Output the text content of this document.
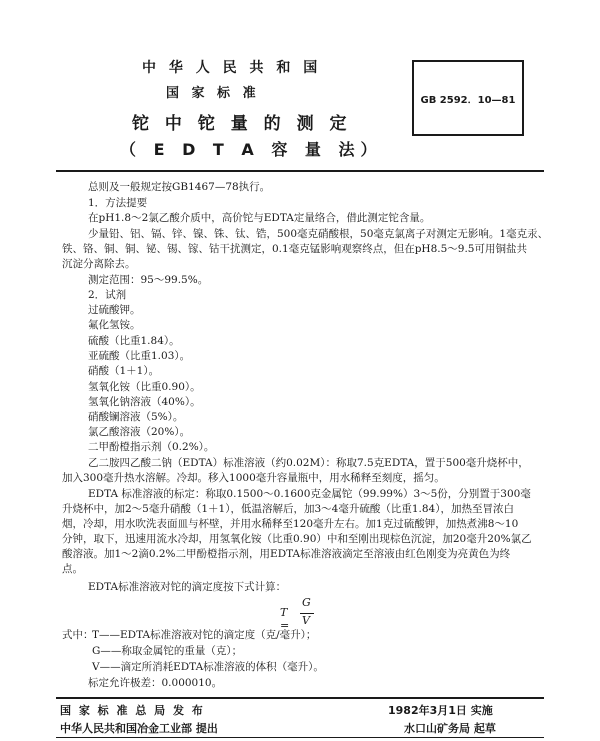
中 华 人 民 共 和 国
国 家 标 准
铊 中 铊 量 的 测 定
（ E D T A 容 量 法）
GB 2592．10—81
总则及一般规定按GB1467—78执行。
1．方法提要
在pH1.8～2氯乙酸介质中，高价铊与EDTA定量络合，借此测定铊含量。
少量铅、铝、镉、锌、镍、铢、钛、锆，500毫克硝酸根，50毫克氯离子对测定无影响。1毫克汞、
铁、铬、铜、铜、铋、锡、镓、钴干扰测定，0.1毫克锰影响观察终点，但在pH8.5～9.5可用铜盐共
沉淀分离除去。
测定范围：95～99.5%。
2．试剂
过硫酸钾。
氟化氢铵。
硫酸（比重1.84）。
亚硫酸（比重1.03）。
硝酸（1＋1）。
氢氧化铵（比重0.90）。
氢氧化钠溶液（40%）。
硝酸镧溶液（5%）。
氯乙酸溶液（20%）。
二甲酚橙指示剂（0.2%）。
乙二胺四乙酸二钠（EDTA）标准溶液（约0.02M）：称取7.5克EDTA，置于500毫升烧杯中，
加入300毫升热水溶解。冷却。移入1000毫升容量瓶中，用水稀释至刻度，摇匀。
EDTA 标准溶液的标定：称取0.1500～0.1600克金属铊（99.99%）3～5份，分别置于300毫
升烧杯中，加2～5毫升硝酸（1＋1），低温溶解后，加3～4毫升硫酸（比重1.84），加热至冒浓白
烟，冷却，用水吹洗表面皿与杯壁，并用水稀释至120毫升左右。加1克过硫酸钾，加热煮沸8～10
分钟，取下，迅速用流水冷却，用氢氧化铵（比重0.90）中和至刚出现棕色沉淀，加20毫升20%氯乙
酸溶液。加1～2滴0.2%二甲酚橙指示剂，用EDTA标准溶液滴定至溶液由红色刚变为亮黄色为终
点。
EDTA标准溶液对铊的滴定度按下式计算：
T =
G
V
式中：
T——EDTA标准溶液对铊的滴定度（克/毫升）；
G——称取金属铊的重量（克）；
V——滴定所消耗EDTA标准溶液的体积（毫升）。
标定允许极差：0.000010。
国 家 标 准 总 局 发 布	1982年3月1日 实施
中华人民共和国冶金工业部 提出	水口山矿务局 起草
